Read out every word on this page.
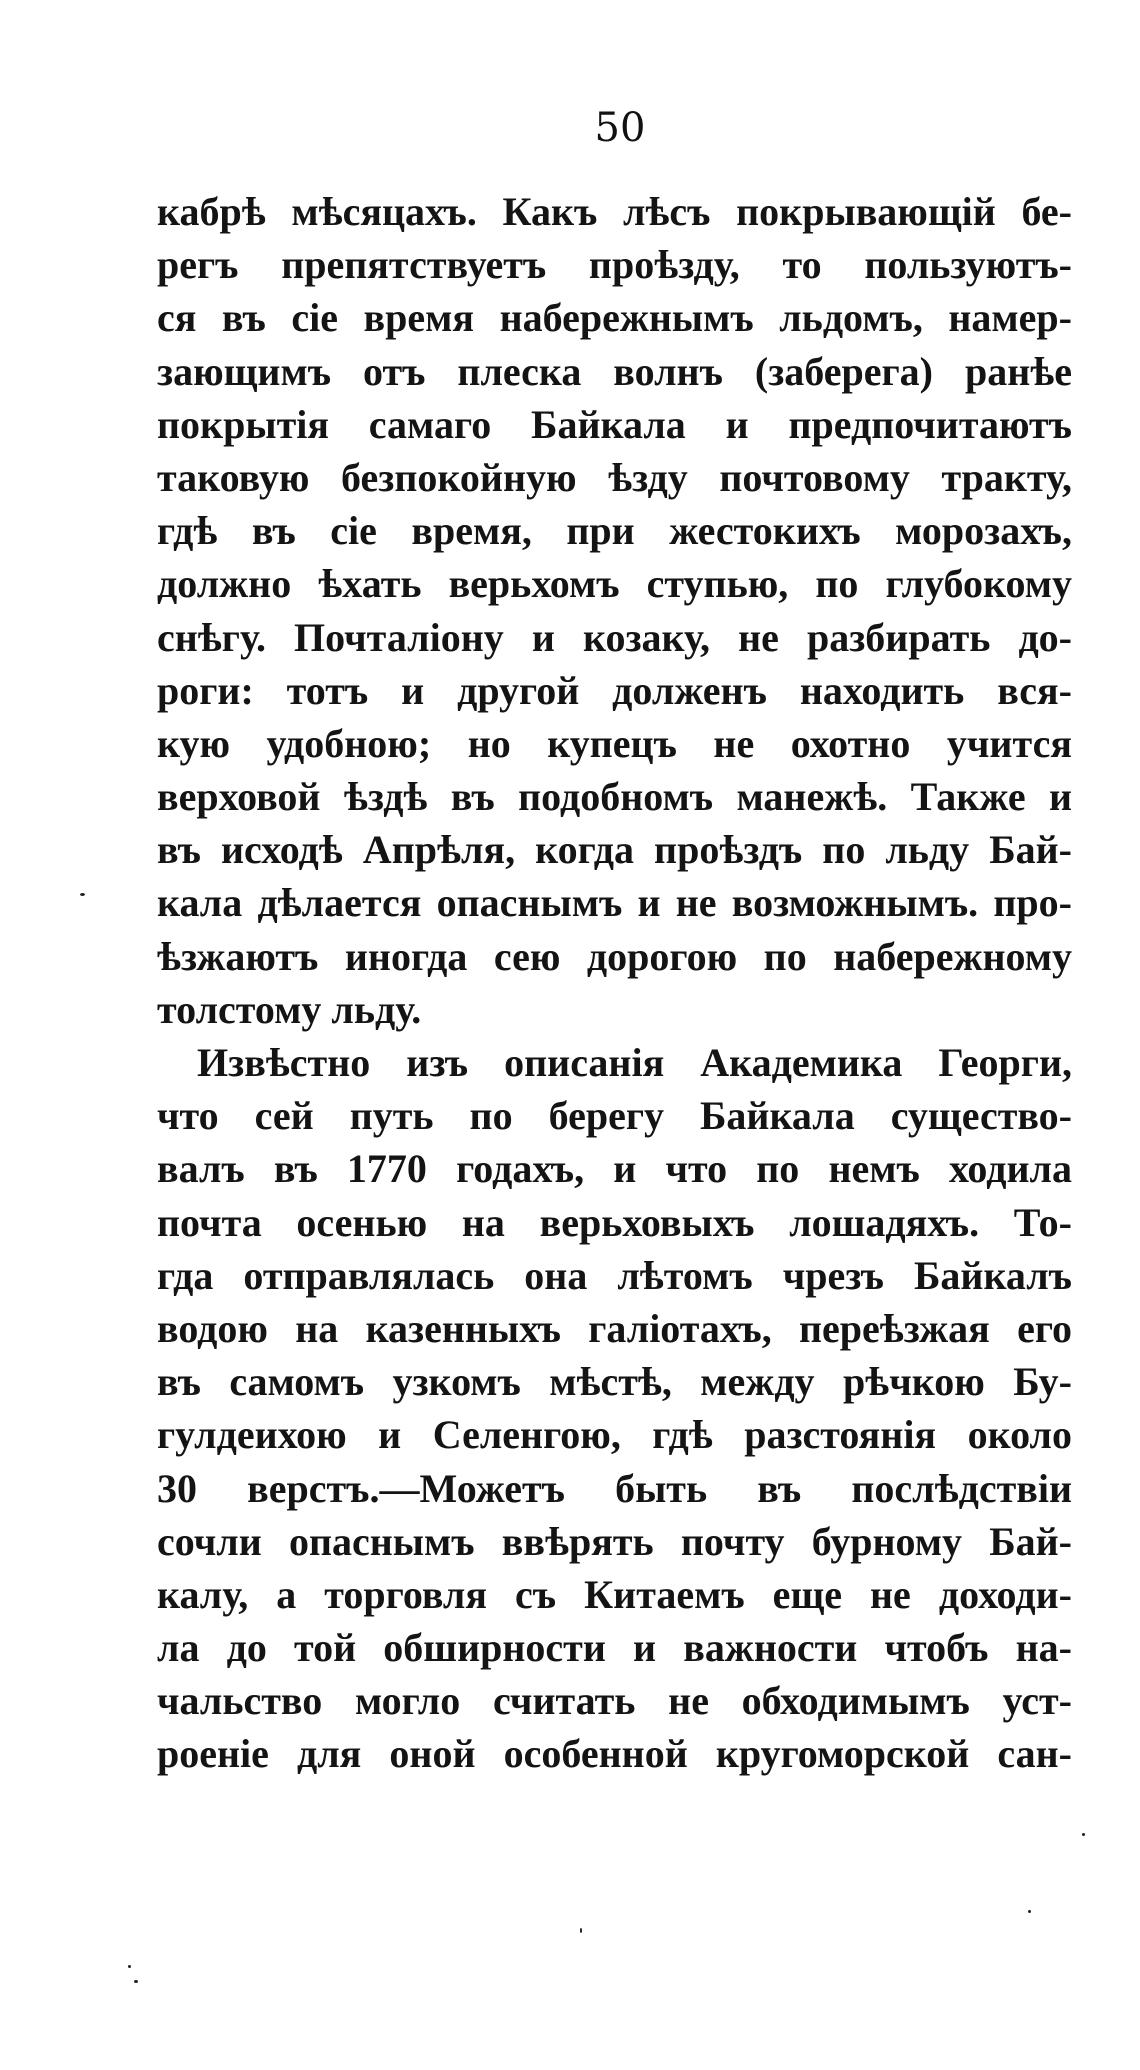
50
кабрѣ мѣсяцахъ. Какъ лѣсъ покрывающій бе-
регъ препятствуетъ проѣзду, то пользуютъ-
ся въ сіе время набережнымъ льдомъ, намер-
зающимъ отъ плеска волнъ (заберега) ранѣе
покрытія самаго Байкала и предпочитаютъ
таковую безпокойную ѣзду почтовому тракту,
гдѣ въ сіе время, при жестокихъ морозахъ,
должно ѣхать верьхомъ ступью, по глубокому
снѣгу. Почталіону и козаку, не разбирать до-
роги: тотъ и другой долженъ находить вся-
кую удобною; но купецъ не охотно учится
верховой ѣздѣ въ подобномъ манежѣ. Также и
въ исходѣ Апрѣля, когда проѣздъ по льду Бай-
кала дѣлается опаснымъ и не возможнымъ. про-
ѣзжаютъ иногда сею дорогою по набережному
толстому льду.
Извѣстно изъ описанія Академика Георги,
что сей путь по берегу Байкала существо-
валъ въ 1770 годахъ, и что по немъ ходила
почта осенью на верьховыхъ лошадяхъ. То-
гда отправлялась она лѣтомъ чрезъ Байкалъ
водою на казенныхъ галіотахъ, переѣзжая его
въ самомъ узкомъ мѣстѣ, между рѣчкою Бу-
гулдеихою и Селенгою, гдѣ разстоянія около
30 верстъ.—Можетъ быть въ послѣдствіи
сочли опаснымъ ввѣрять почту бурному Бай-
калу, а торговля съ Китаемъ еще не доходи-
ла до той обширности и важности чтобъ на-
чальство могло считать не обходимымъ уст-
роеніе для оной особенной кругоморской сан-
